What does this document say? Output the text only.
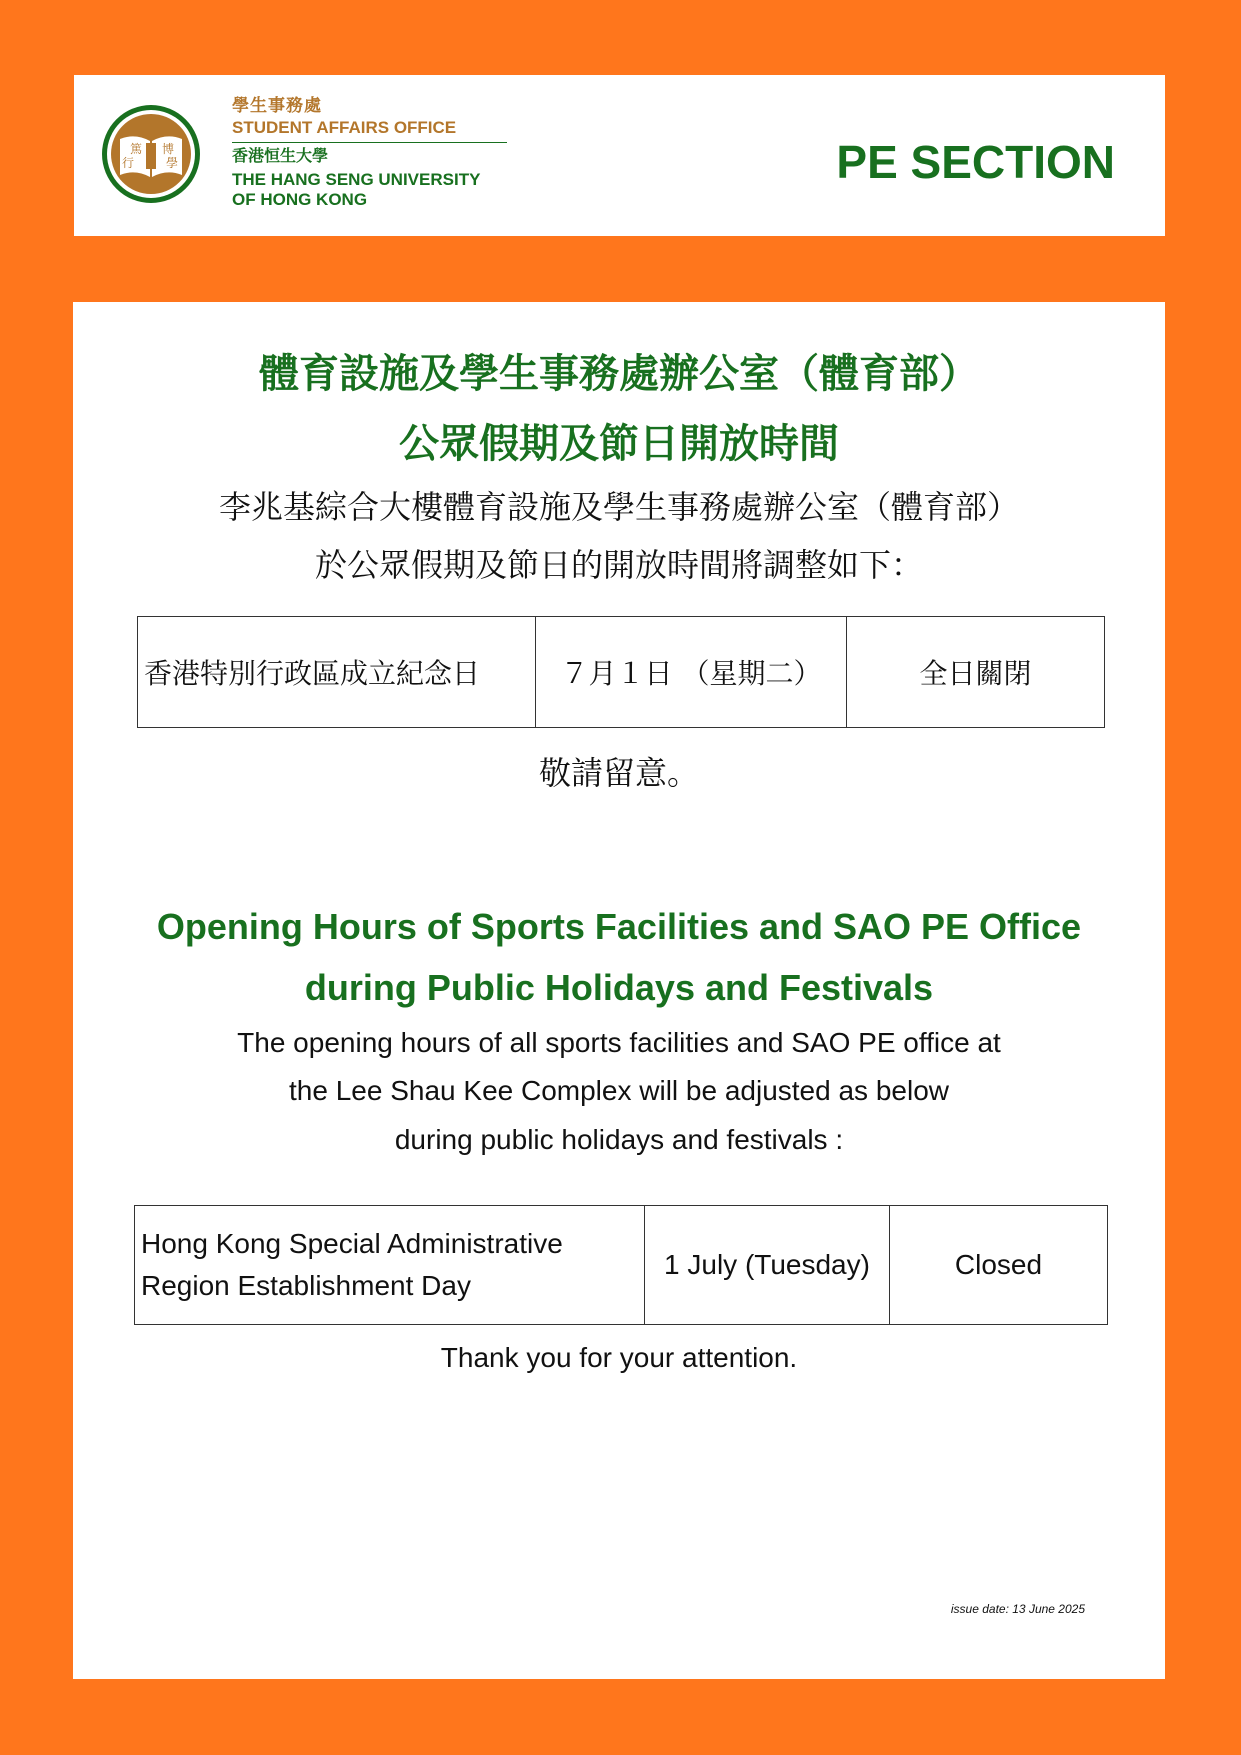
篤
行
博
學
學生事務處
STUDENT AFFAIRS OFFICE
香港恒生大學
THE HANG SENG UNIVERSITY
OF HONG KONG
PE SECTION
體育設施及學生事務處辦公室（體育部）
公眾假期及節日開放時間
李兆基綜合大樓體育設施及學生事務處辦公室（體育部）
於公眾假期及節日的開放時間將調整如下：
香港特別行政區成立紀念日	７月１日 （星期二）	全日關閉
敬請留意。
Opening Hours of Sports Facilities and SAO PE Office
during Public Holidays and Festivals
The opening hours of all sports facilities and SAO PE office at
the Lee Shau Kee Complex will be adjusted as below
during public holidays and festivals :
Hong Kong Special Administrative
Region Establishment Day
	1 July (Tuesday)	Closed
Thank you for your attention.
issue date: 13 June 2025
